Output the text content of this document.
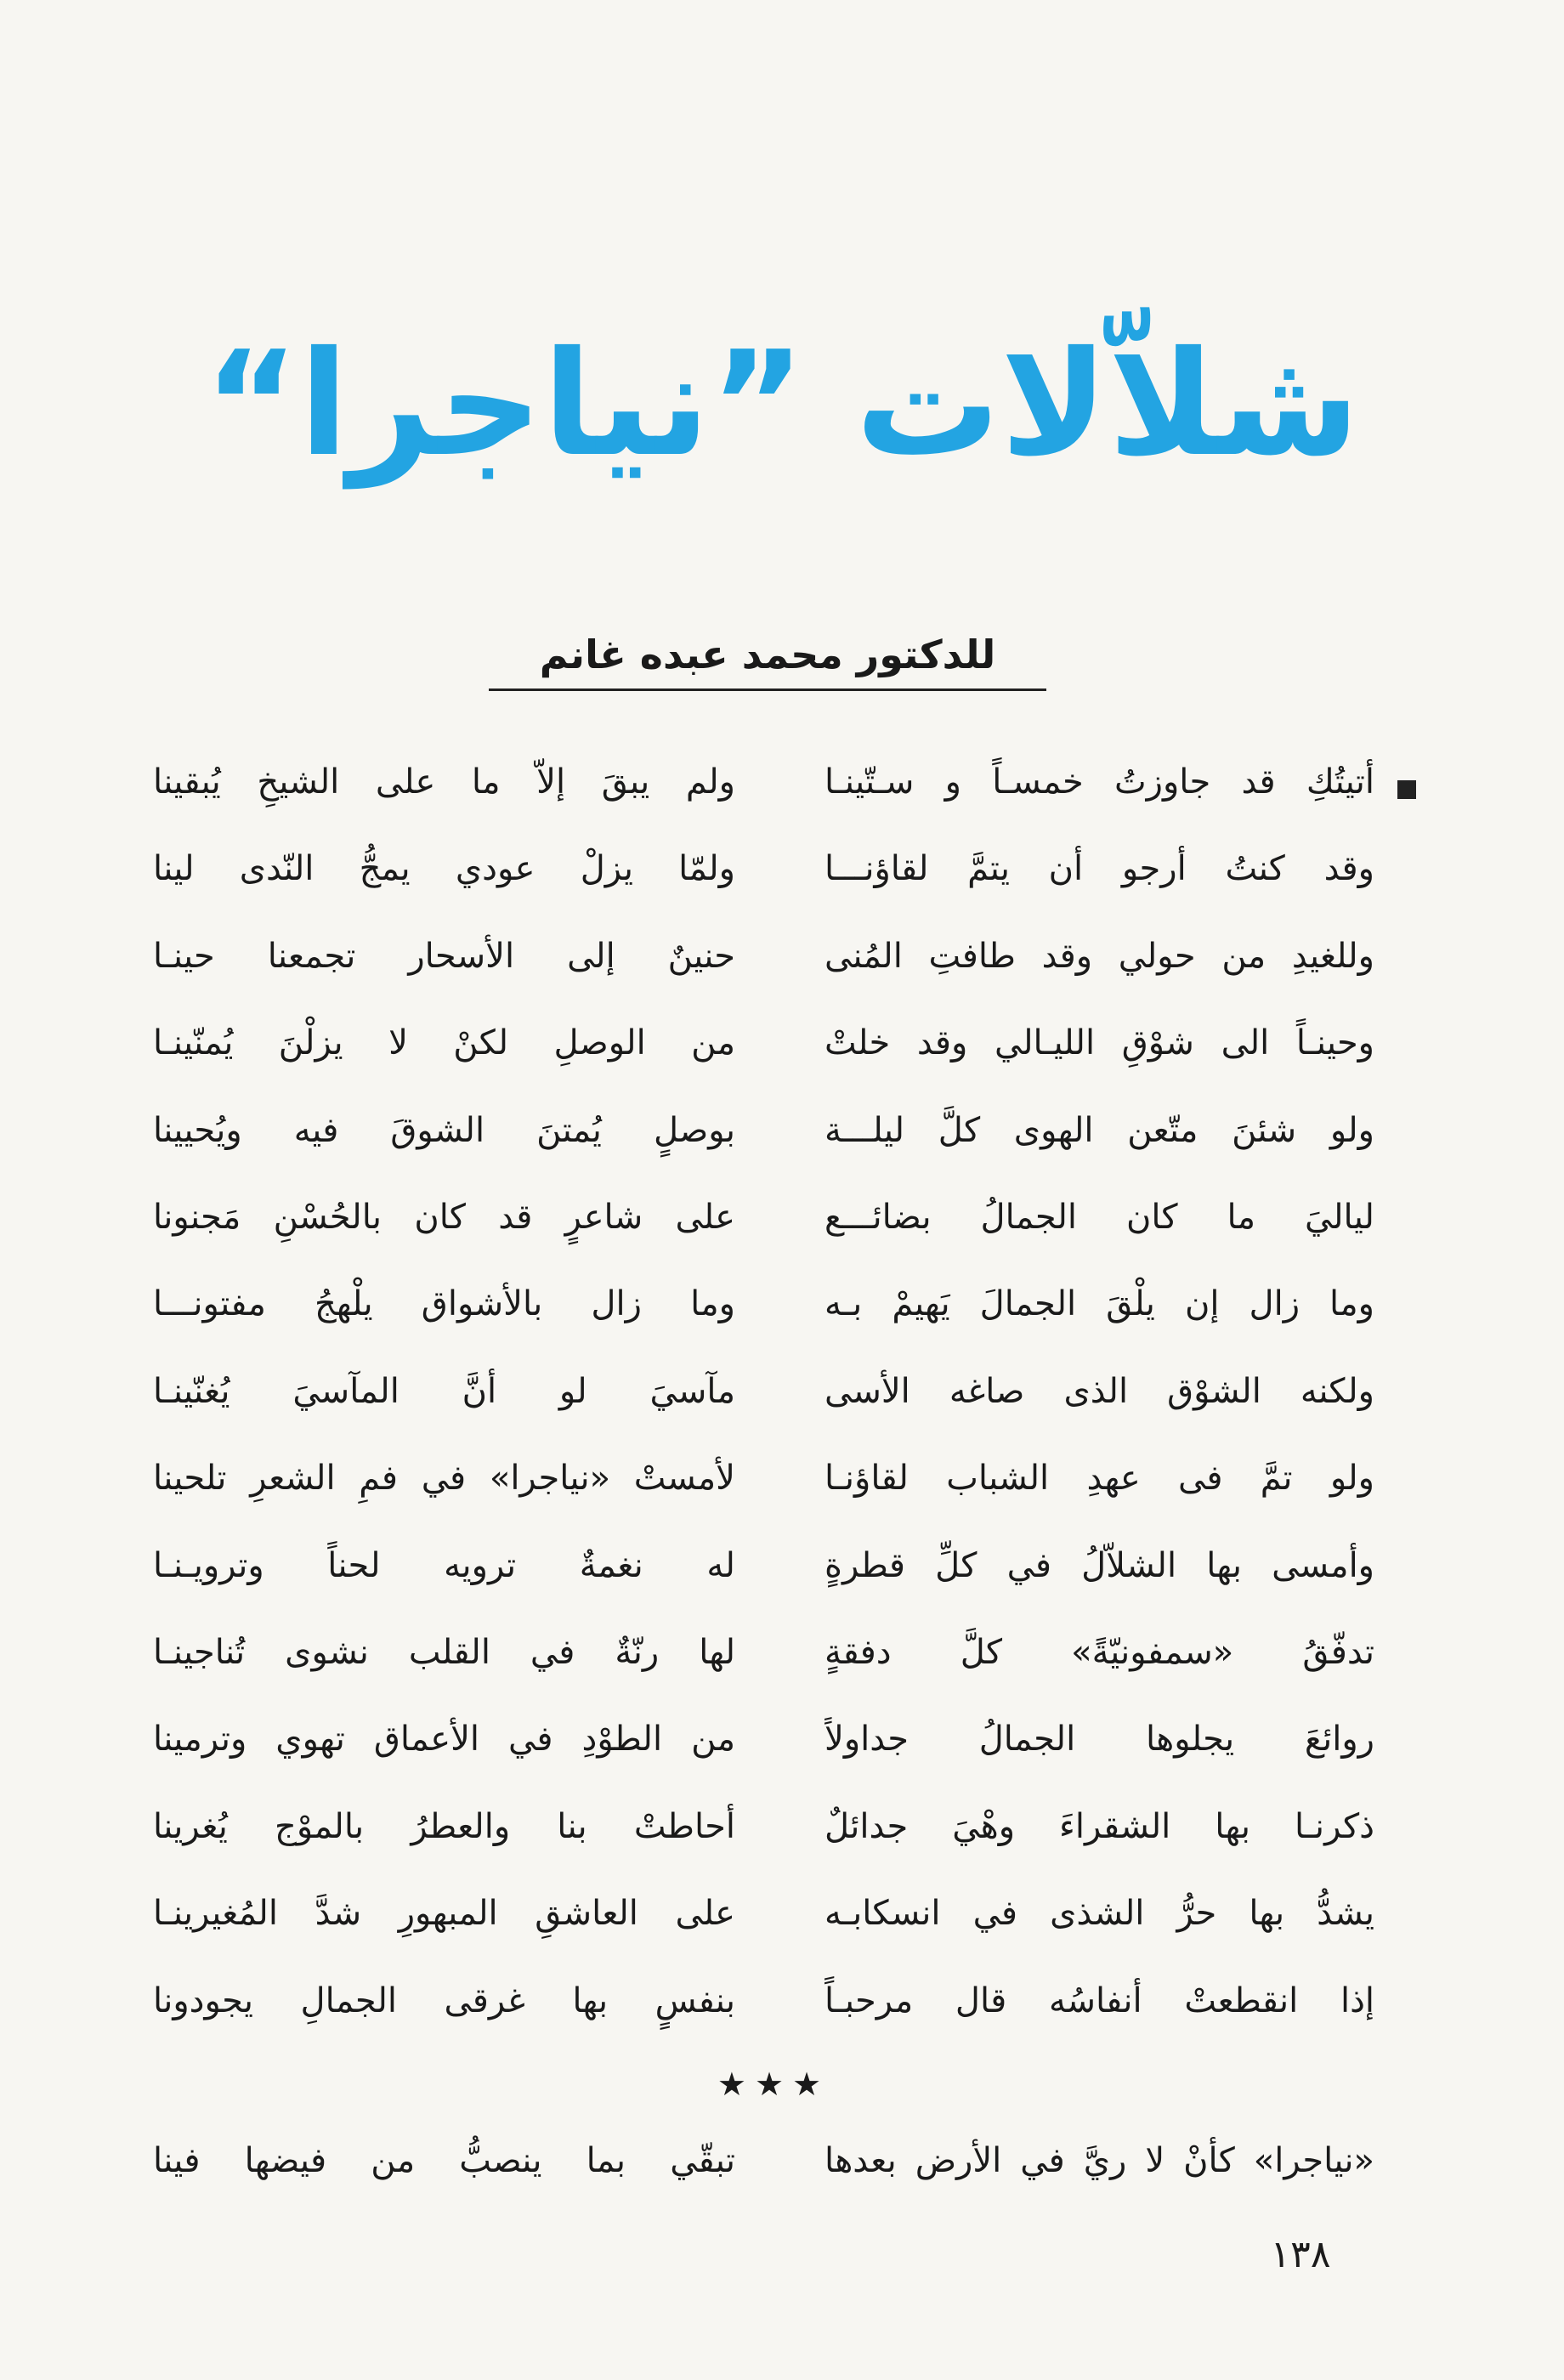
شلاّلات ”نياجرا“
للدكتور محمد عبده غانم
أتيتُكِ قد جاوزتُ خمسـاً و سـتّينـا
ولم يبقَ إلاّ ما على الشيخِ يُبقينا
وقد كنتُ أرجو أن يتمَّ لقاؤنـــا
ولمّا يزلْ عودي يمجُّ النّدى لينا
وللغيدِ من حولي وقد طافتِ المُنى
حنينٌ إلى الأسحار تجمعنا حينـا
وحينـاً الى شوْقِ الليـالي وقد خلتْ
من الوصلِ لكنْ لا يزلْنَ يُمنّينـا
ولو شئنَ متّعن الهوى كلَّ ليلـــة
بوصلٍ يُمتنَ الشوقَ فيه ويُحيينا
لياليَ ما كان الجمالُ بضائـــع
على شاعرٍ قد كان بالحُسْنِ مَجنونا
وما زال إن يلْقَ الجمالَ يَهيمْ بـه
وما زال بالأشواق يلْهجُ مفتونـــا
ولكنه الشوْق الذى صاغه الأسى
مآسيَ لو أنَّ المآسيَ يُغنّينـا
ولو تمَّ فى عهدِ الشباب لقاؤنـا
لأمستْ «نياجرا» في فمِ الشعرِ تلحينا
وأمسى بها الشلاّلُ في كلِّ قطرةٍ
له نغمةٌ ترويه لحناً وترويـنـا
تدفّقُ «سمفونيّةً» كلَّ دفقةٍ
لها رنّةٌ في القلب نشوى تُناجينـا
روائعَ يجلوها الجمالُ جداولاً
من الطوْدِ في الأعماق تهوي وترمينا
ذكرنـا بها الشقراءَ وهْيَ جدائلٌ
أحاطتْ بنا والعطرُ بالموْج يُغرينا
يشدُّ بها حرُّ الشذى في انسكابـه
على العاشقِ المبهورِ شدَّ المُغيرينـا
إذا انقطعتْ أنفاسُه قال مرحبـاً
بنفسٍ بها غرقى الجمالِ يجودونا
★★★
«نياجرا» كأنْ لا ريَّ في الأرض بعدها
تبقّي بما ينصبُّ من فيضها فينا
١٣٨
